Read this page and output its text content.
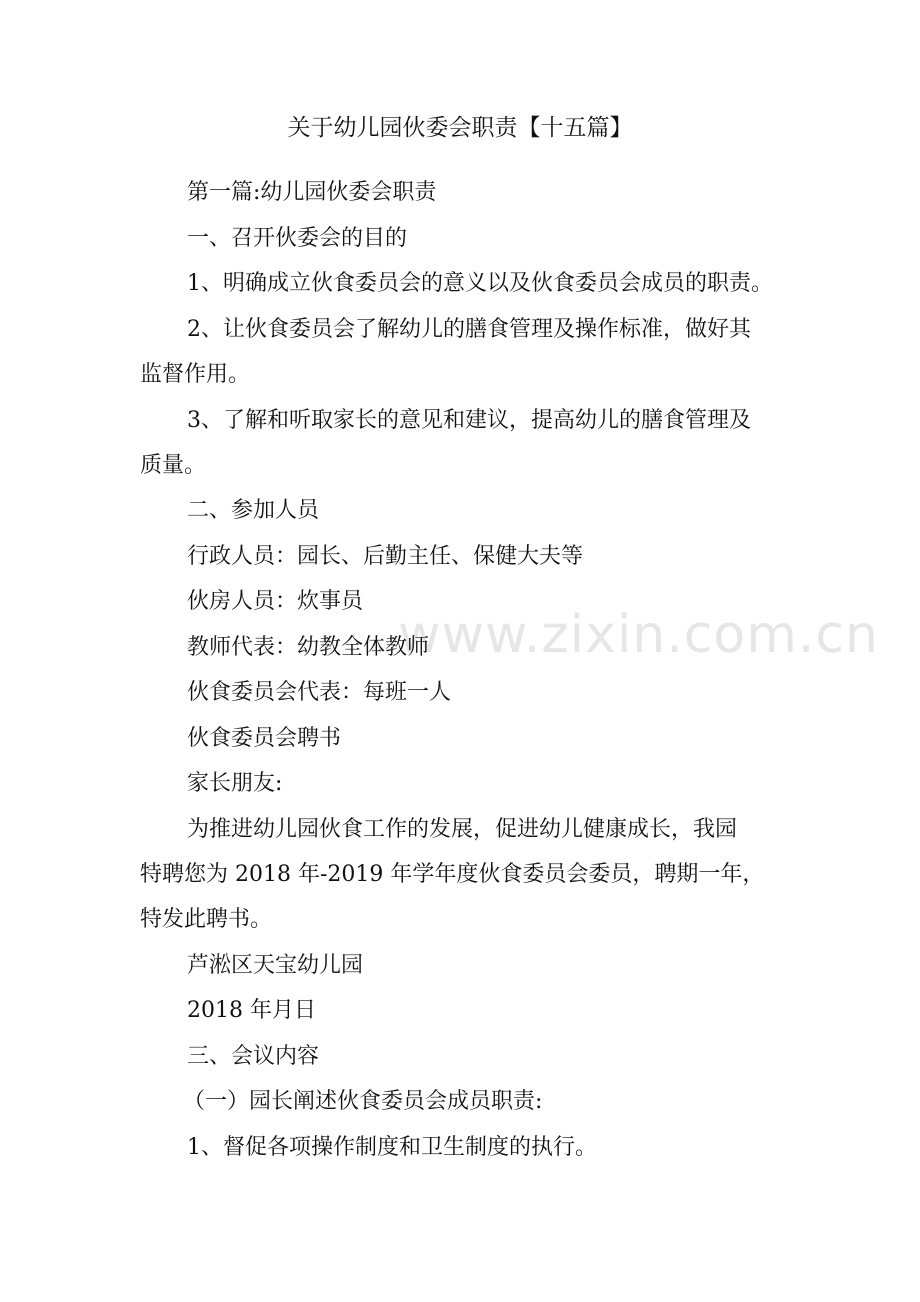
www.zixin.com.cn
关于幼儿园伙委会职责【十五篇】
第一篇:幼儿园伙委会职责
一、召开伙委会的目的
1、明确成立伙食委员会的意义以及伙食委员会成员的职责。
2、让伙食委员会了解幼儿的膳食管理及操作标准，做好其
监督作用。
3、了解和听取家长的意见和建议，提高幼儿的膳食管理及
质量。
二、参加人员
行政人员：园长、后勤主任、保健大夫等
伙房人员：炊事员
教师代表：幼教全体教师
伙食委员会代表：每班一人
伙食委员会聘书
家长朋友:
为推进幼儿园伙食工作的发展，促进幼儿健康成长，我园
特聘您为 2018 年-2019 年学年度伙食委员会委员，聘期一年，
特发此聘书。
芦淞区天宝幼儿园
2018 年月日
三、会议内容
（一）园长阐述伙食委员会成员职责:
1、督促各项操作制度和卫生制度的执行。
